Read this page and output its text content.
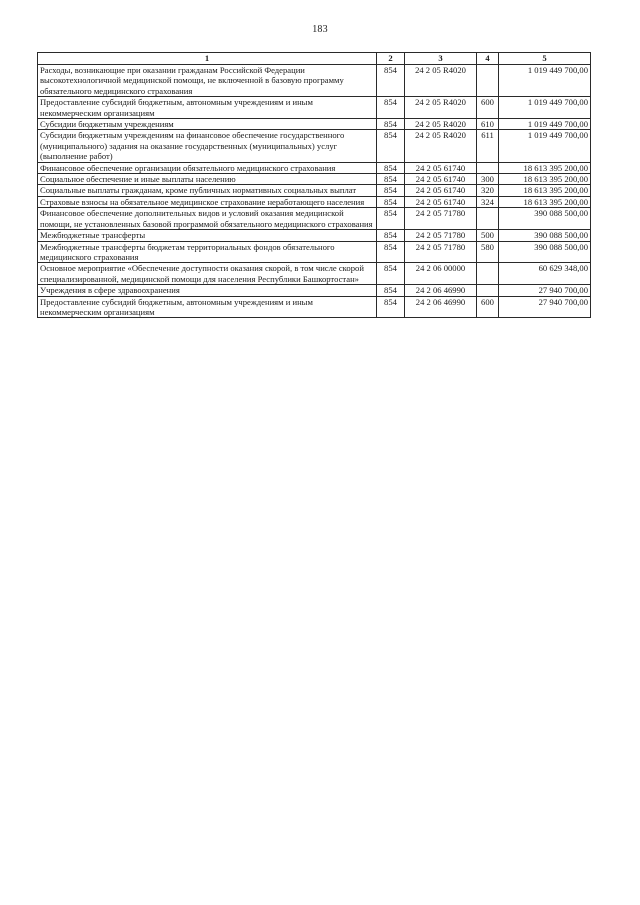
183
1	2	3	4	5
Расходы, возникающие при оказании гражданам Российской Федерации высокотехнологичной медицинской помощи, не включенной в базовую программу обязательного медицинского страхования	854	24 2 05 R4020		1 019 449 700,00
Предоставление субсидий бюджетным, автономным учреждениям и иным некоммерческим организациям	854	24 2 05 R4020	600	1 019 449 700,00
Субсидии бюджетным учреждениям	854	24 2 05 R4020	610	1 019 449 700,00
Субсидии бюджетным учреждениям на финансовое обеспечение государственного (муниципального) задания на оказание государственных (муниципальных) услуг (выполнение работ)	854	24 2 05 R4020	611	1 019 449 700,00
Финансовое обеспечение организации обязательного медицинского страхования	854	24 2 05 61740		18 613 395 200,00
Социальное обеспечение и иные выплаты населению	854	24 2 05 61740	300	18 613 395 200,00
Социальные выплаты гражданам, кроме публичных нормативных социальных выплат	854	24 2 05 61740	320	18 613 395 200,00
Страховые взносы на обязательное медицинское страхование неработающего населения	854	24 2 05 61740	324	18 613 395 200,00
Финансовое обеспечение дополнительных видов и условий оказания медицинской помощи, не установленных базовой программой обязательного медицинского страхования	854	24 2 05 71780		390 088 500,00
Межбюджетные трансферты	854	24 2 05 71780	500	390 088 500,00
Межбюджетные трансферты бюджетам территориальных фондов обязательного медицинского страхования	854	24 2 05 71780	580	390 088 500,00
Основное мероприятие «Обеспечение доступности оказания скорой, в том числе скорой специализированной, медицинской помощи для населения Республики Башкортостан»	854	24 2 06 00000		60 629 348,00
Учреждения в сфере здравоохранения	854	24 2 06 46990		27 940 700,00
Предоставление субсидий бюджетным, автономным учреждениям и иным некоммерческим организациям	854	24 2 06 46990	600	27 940 700,00
